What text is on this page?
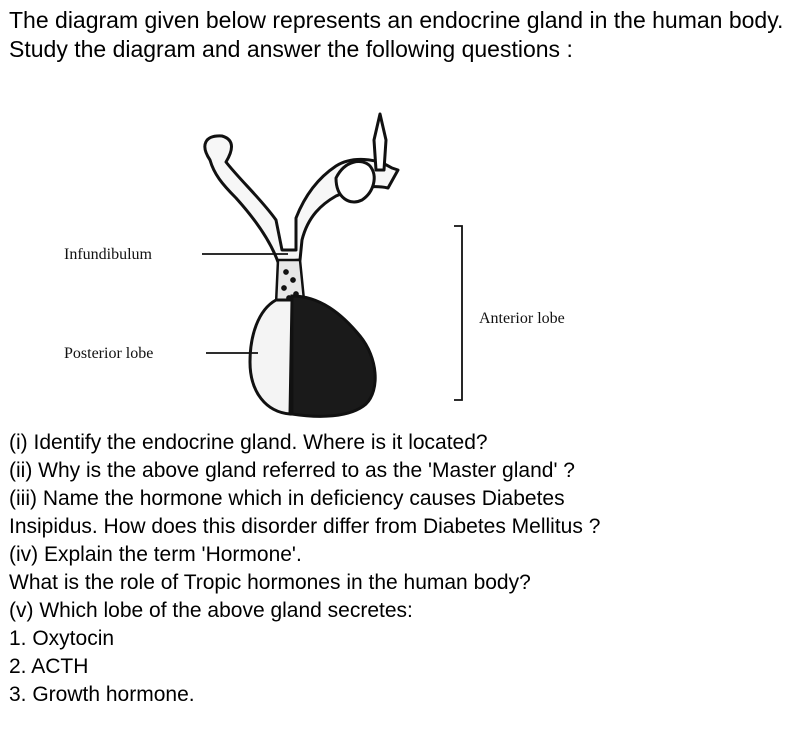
The diagram given below represents an endocrine gland in the human body. Study the diagram and answer the following questions :

Infundibulum
Posterior lobe
Anterior lobe
(i) Identify the endocrine gland. Where is it located?
(ii) Why is the above gland referred to as the 'Master gland' ?
(iii) Name the hormone which in deficiency causes Diabetes
Insipidus. How does this disorder differ from Diabetes Mellitus ?
(iv) Explain the term 'Hormone'.
What is the role of Tropic hormones in the human body?
(v) Which lobe of the above gland secretes:
1. Oxytocin
2. ACTH
3. Growth hormone.
